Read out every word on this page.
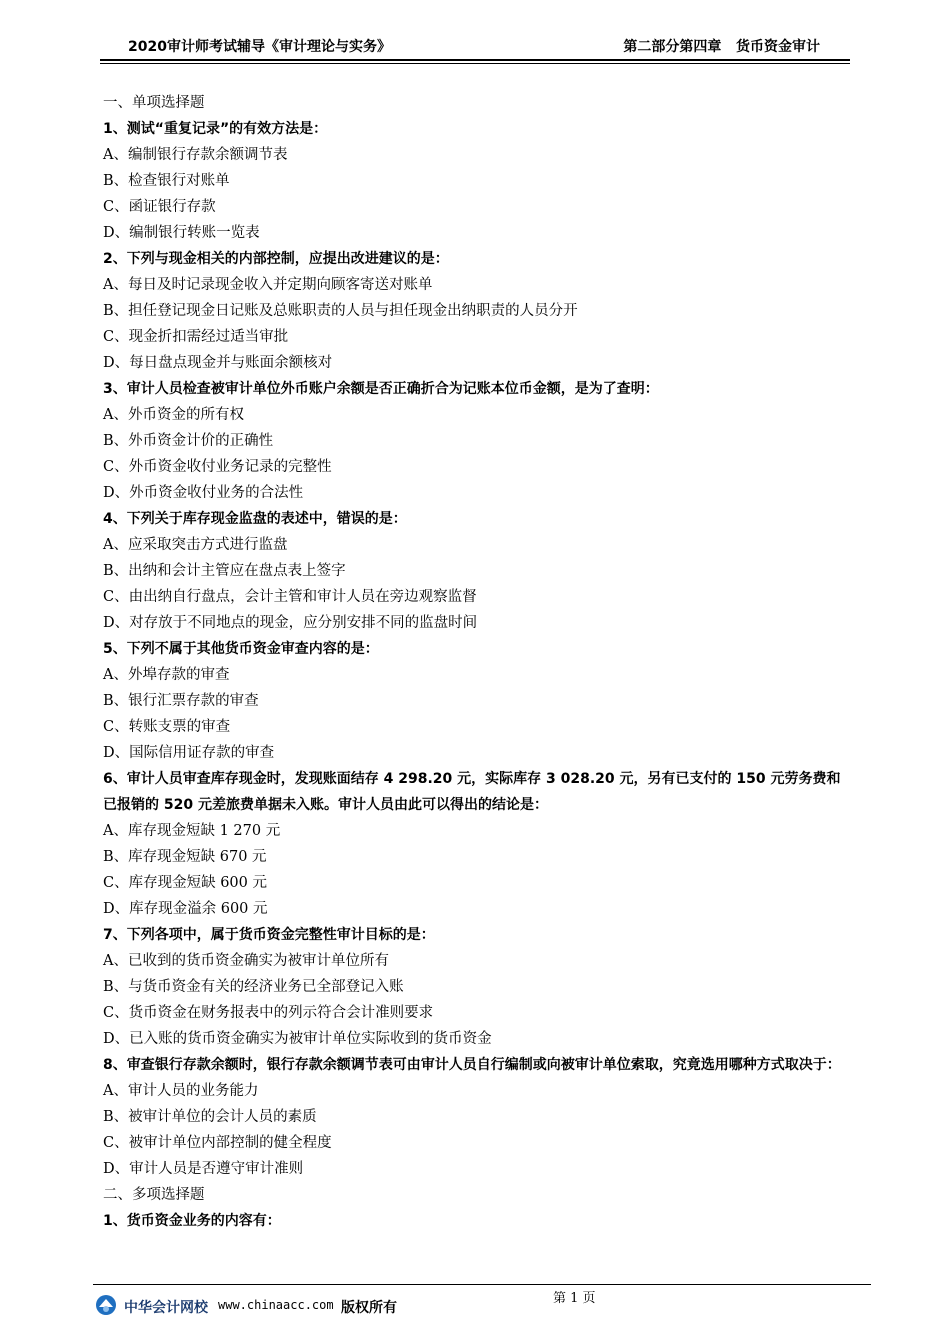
2020审计师考试辅导《审计理论与实务》	第二部分第四章   货币资金审计
一、单项选择题
1、测试“重复记录”的有效方法是：
A、编制银行存款余额调节表
B、检查银行对账单
C、函证银行存款
D、编制银行转账一览表
2、下列与现金相关的内部控制，应提出改进建议的是：
A、每日及时记录现金收入并定期向顾客寄送对账单
B、担任登记现金日记账及总账职责的人员与担任现金出纳职责的人员分开
C、现金折扣需经过适当审批
D、每日盘点现金并与账面余额核对
3、审计人员检查被审计单位外币账户余额是否正确折合为记账本位币金额，是为了查明：
A、外币资金的所有权
B、外币资金计价的正确性
C、外币资金收付业务记录的完整性
D、外币资金收付业务的合法性
4、下列关于库存现金监盘的表述中，错误的是：
A、应采取突击方式进行监盘
B、出纳和会计主管应在盘点表上签字
C、由出纳自行盘点，会计主管和审计人员在旁边观察监督
D、对存放于不同地点的现金，应分别安排不同的监盘时间
5、下列不属于其他货币资金审查内容的是：
A、外埠存款的审查
B、银行汇票存款的审查
C、转账支票的审查
D、国际信用证存款的审查
6、审计人员审查库存现金时，发现账面结存 4 298.20 元，实际库存 3 028.20 元，另有已支付的 150 元劳务费和已报销的 520 元差旅费单据未入账。审计人员由此可以得出的结论是：
A、库存现金短缺 1 270 元
B、库存现金短缺 670 元
C、库存现金短缺 600 元
D、库存现金溢余 600 元
7、下列各项中，属于货币资金完整性审计目标的是：
A、已收到的货币资金确实为被审计单位所有
B、与货币资金有关的经济业务已全部登记入账
C、货币资金在财务报表中的列示符合会计准则要求
D、已入账的货币资金确实为被审计单位实际收到的货币资金
8、审查银行存款余额时，银行存款余额调节表可由审计人员自行编制或向被审计单位索取，究竟选用哪种方式取决于：
A、审计人员的业务能力
B、被审计单位的会计人员的素质
C、被审计单位内部控制的健全程度
D、审计人员是否遵守审计准则
二、多项选择题
1、货币资金业务的内容有：
中华会计网校 www.chinaacc.com 版权所有
第 1 页
